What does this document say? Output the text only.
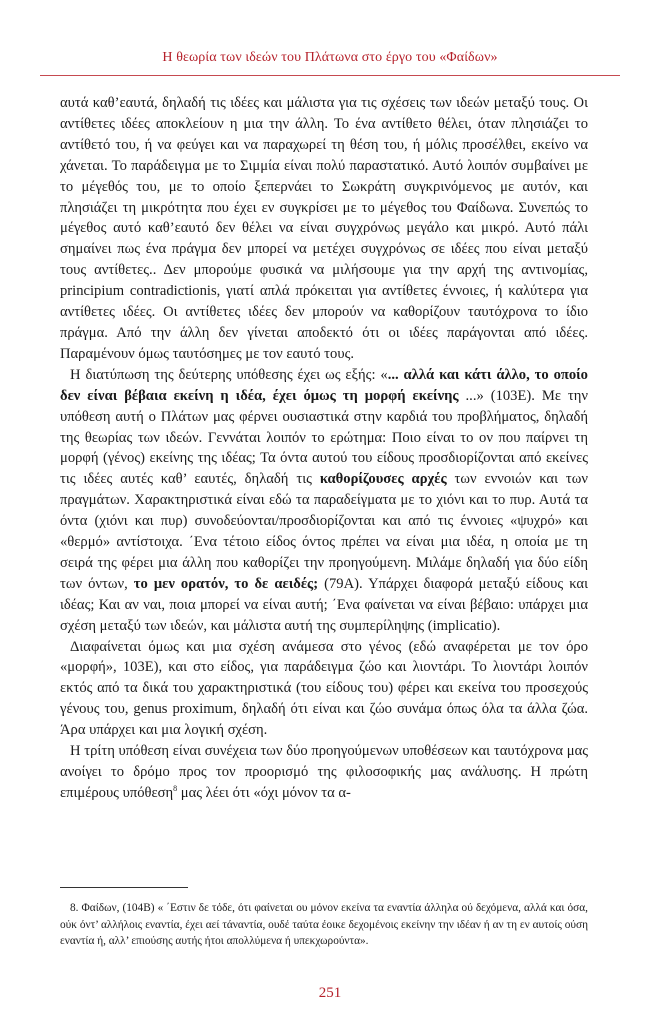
Η θεωρία των ιδεών του Πλάτωνα στο έργο του «Φαίδων»

αυτά καθ’εαυτά, δηλαδή τις ιδέες και μάλιστα για τις σχέσεις των ιδεών μεταξύ τους. Οι αντίθετες ιδέες αποκλείουν η μια την άλλη. Το ένα αντίθετο θέλει, όταν πλησιάζει το αντίθετό του, ή να φεύγει και να παραχωρεί τη θέση του, ή μόλις προσέλθει, εκείνο να χάνεται. Το παράδειγμα με το Σιμμία είναι πολύ παραστατικό. Αυτό λοιπόν συμβαίνει με το μέγεθός του, με το οποίο ξεπερνάει το Σωκράτη συγκρινόμενος με αυτόν, και πλησιάζει τη μικρότητα που έχει εν συγκρίσει με το μέγεθος του Φαίδωνα. Συνεπώς το μέγεθος αυτό καθ’εαυτό δεν θέλει να είναι συγχρόνως μεγάλο και μικρό. Αυτό πάλι σημαίνει πως ένα πράγμα δεν μπορεί να μετέχει συγχρόνως σε ιδέες που είναι μεταξύ τους αντίθετες.. Δεν μπορούμε φυσικά να μιλήσουμε για την αρχή της αντινομίας, principium contradictionis, γιατί απλά πρόκειται για αντίθετες έννοιες, ή καλύτερα για αντίθετες ιδέες. Οι αντίθετες ιδέες δεν μπορούν να καθορίζουν ταυτόχρονα το ίδιο πράγμα. Από την άλλη δεν γίνεται αποδεκτό ότι οι ιδέες παράγονται από ιδέες. Παραμένουν όμως ταυτόσημες με τον εαυτό τους.

Η διατύπωση της δεύτερης υπόθεσης έχει ως εξής: «... αλλά και κάτι άλλο, το οποίο δεν είναι βέβαια εκείνη η ιδέα, έχει όμως τη μορφή εκείνης ...» (103Ε). Με την υπόθεση αυτή ο Πλάτων μας φέρνει ουσιαστικά στην καρδιά του προβλήματος, δηλαδή της θεωρίας των ιδεών. Γεννάται λοιπόν το ερώτημα: Ποιο είναι το ον που παίρνει τη μορφή (γένος) εκείνης της ιδέας; Τα όντα αυτού του είδους προσδιορίζονται από εκείνες τις ιδέες αυτές καθ’ εαυτές, δηλαδή τις καθορίζουσες αρχές των εννοιών και των πραγμάτων. Χαρακτηριστικά είναι εδώ τα παραδείγματα με το χιόνι και το πυρ. Αυτά τα όντα (χιόνι και πυρ) συνοδεύονται/προσδιορίζονται και από τις έννοιες «ψυχρό» και «θερμό» αντίστοιχα. ΄Ενα τέτοιο είδος όντος πρέπει να είναι μια ιδέα, η οποία με τη σειρά της φέρει μια άλλη που καθορίζει την προηγούμενη. Μιλάμε δηλαδή για δύο είδη των όντων, το μεν ορατόν, το δε αειδές; (79Α). Υπάρχει διαφορά μεταξύ είδους και ιδέας; Και αν ναι, ποια μπορεί να είναι αυτή; ΄Ενα φαίνεται να είναι βέβαιο: υπάρχει μια σχέση μεταξύ των ιδεών, και μάλιστα αυτή της συμπερίληψης (implicatio).

Διαφαίνεται όμως και μια σχέση ανάμεσα στο γένος (εδώ αναφέρεται με τον όρο «μορφή», 103Ε), και στο είδος, για παράδειγμα ζώο και λιοντάρι. Το λιοντάρι λοιπόν εκτός από τα δικά του χαρακτηριστικά (του είδους του) φέρει και εκείνα του προσεχούς γένους του, genus proximum, δηλαδή ότι είναι και ζώο συνάμα όπως όλα τα άλλα ζώα. Άρα υπάρχει και μια λογική σχέση.

Η τρίτη υπόθεση είναι συνέχεια των δύο προηγούμενων υποθέσεων και ταυτόχρονα μας ανοίγει το δρόμο προς τον προορισμό της φιλοσοφικής μας ανάλυσης. Η πρώτη επιμέρους υπόθεση$^8$ μας λέει ότι «όχι μόνον τα α-

8. Φαίδων, (104Β) « ΄Εστιν δε τόδε, ότι φαίνεται ου μόνον εκείνα τα εναντία άλληλα ού δεχόμενα, αλλά και όσα, ούκ όντ’ αλλήλοις εναντία, έχει αεί τάναντία, ουδέ ταύτα έοικε δεχομένοις εκείνην την ιδέαν ή αν τη εν αυτοίς ούση εναντία ή, αλλ’ επιούσης αυτής ήτοι απολλύμενα ή υπεκχωρούντα».

251
